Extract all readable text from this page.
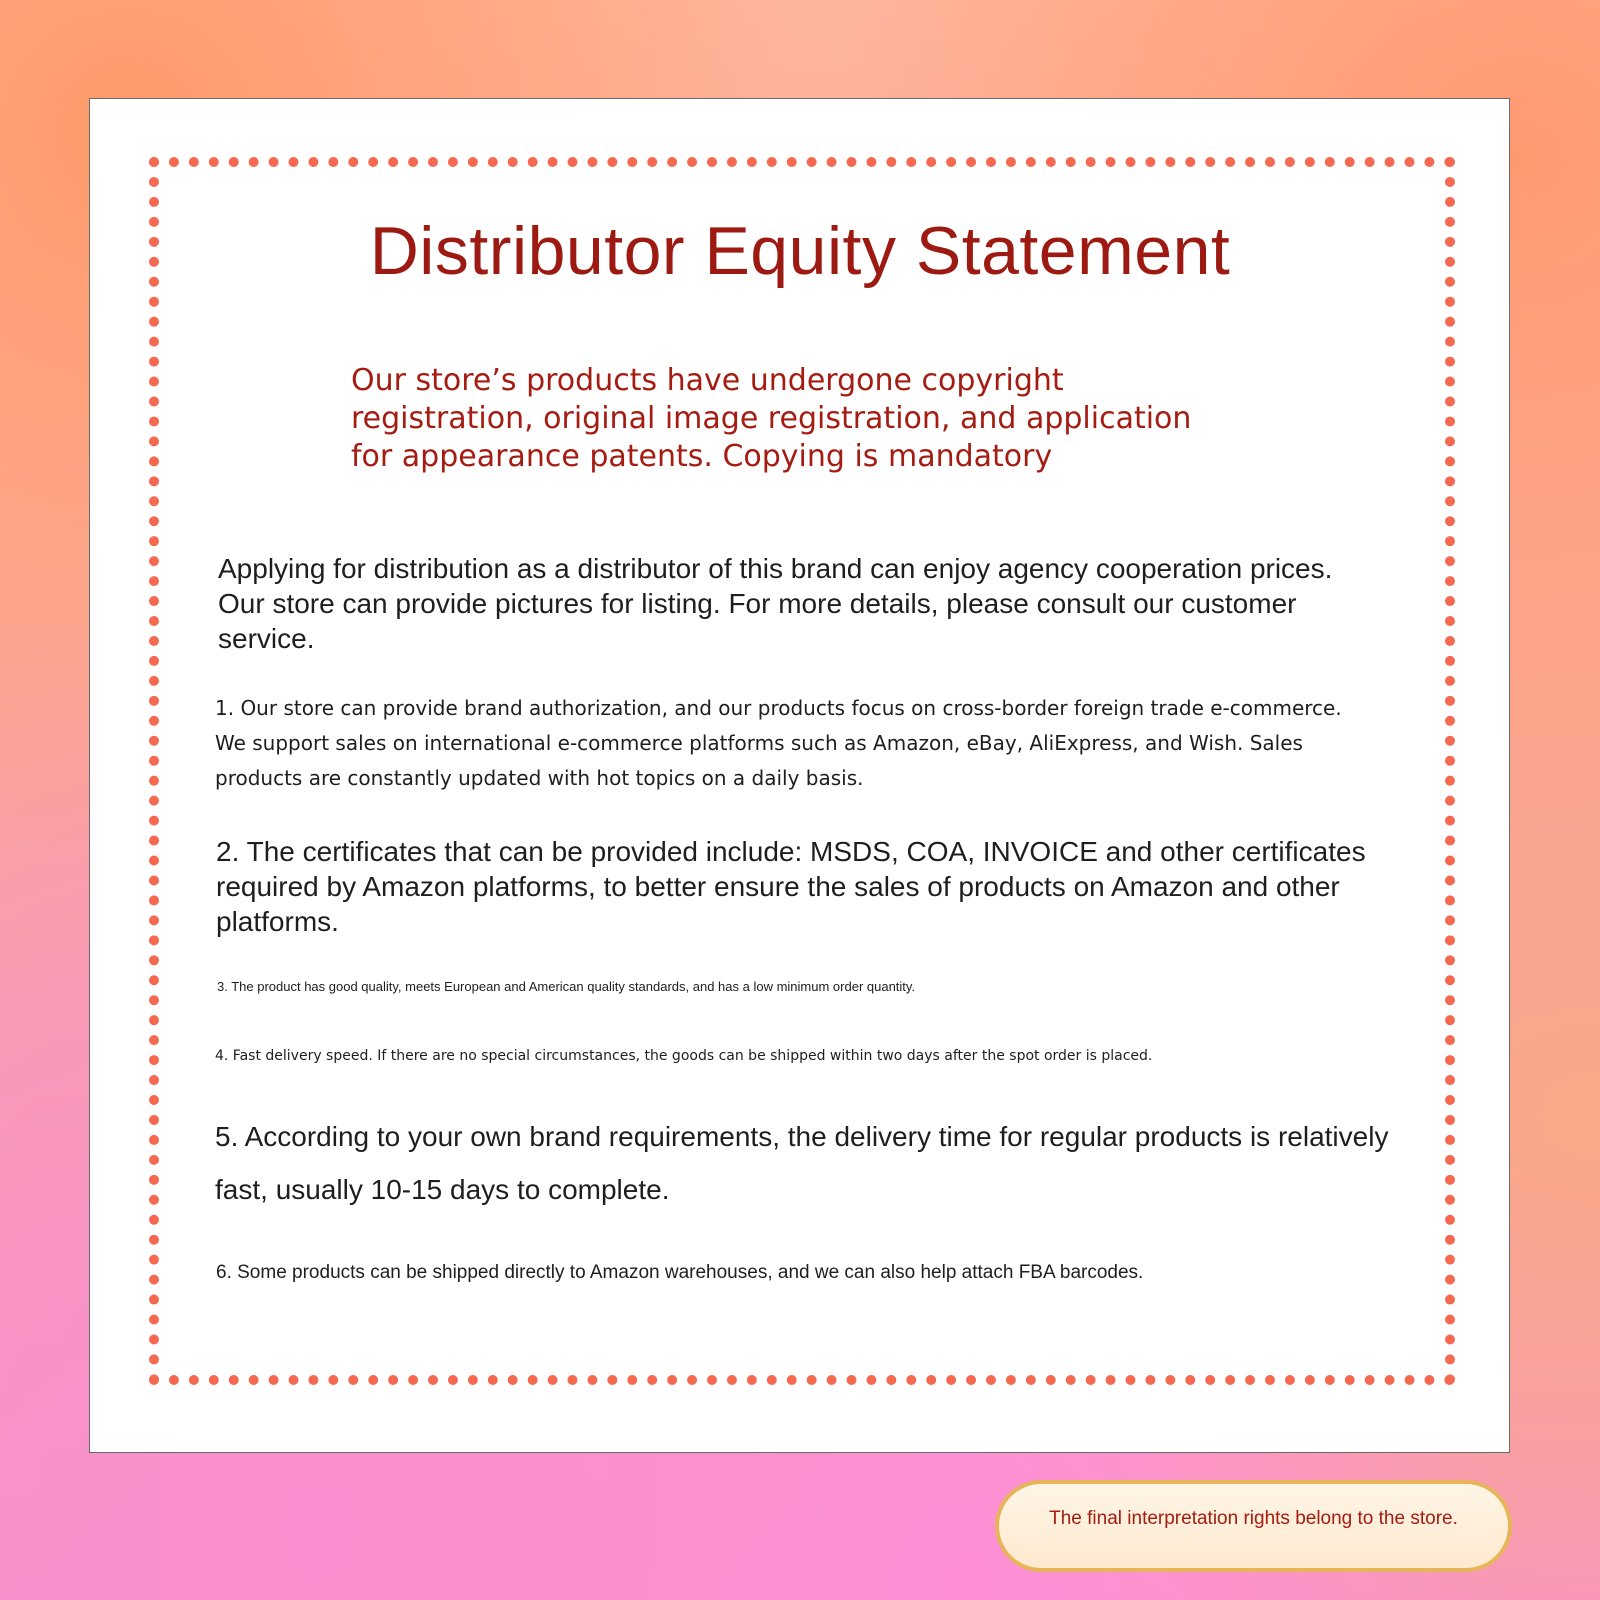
Distributor Equity Statement

Our store’s products have undergone copyright registration, original image registration, and application for appearance patents. Copying is mandatory

Applying for distribution as a distributor of this brand can enjoy agency cooperation prices. Our store can provide pictures for listing. For more details, please consult our customer service.

1. Our store can provide brand authorization, and our products focus on cross-border foreign trade e-commerce. We support sales on international e-commerce platforms such as Amazon, eBay, AliExpress, and Wish. Sales products are constantly updated with hot topics on a daily basis.

2. The certificates that can be provided include: MSDS, COA, INVOICE and other certificates required by Amazon platforms, to better ensure the sales of products on Amazon and other platforms.

3. The product has good quality, meets European and American quality standards, and has a low minimum order quantity.

4. Fast delivery speed. If there are no special circumstances, the goods can be shipped within two days after the spot order is placed.

5. According to your own brand requirements, the delivery time for regular products is relatively fast, usually 10-15 days to complete.

6. Some products can be shipped directly to Amazon warehouses, and we can also help attach FBA barcodes.

The final interpretation rights belong to the store.
